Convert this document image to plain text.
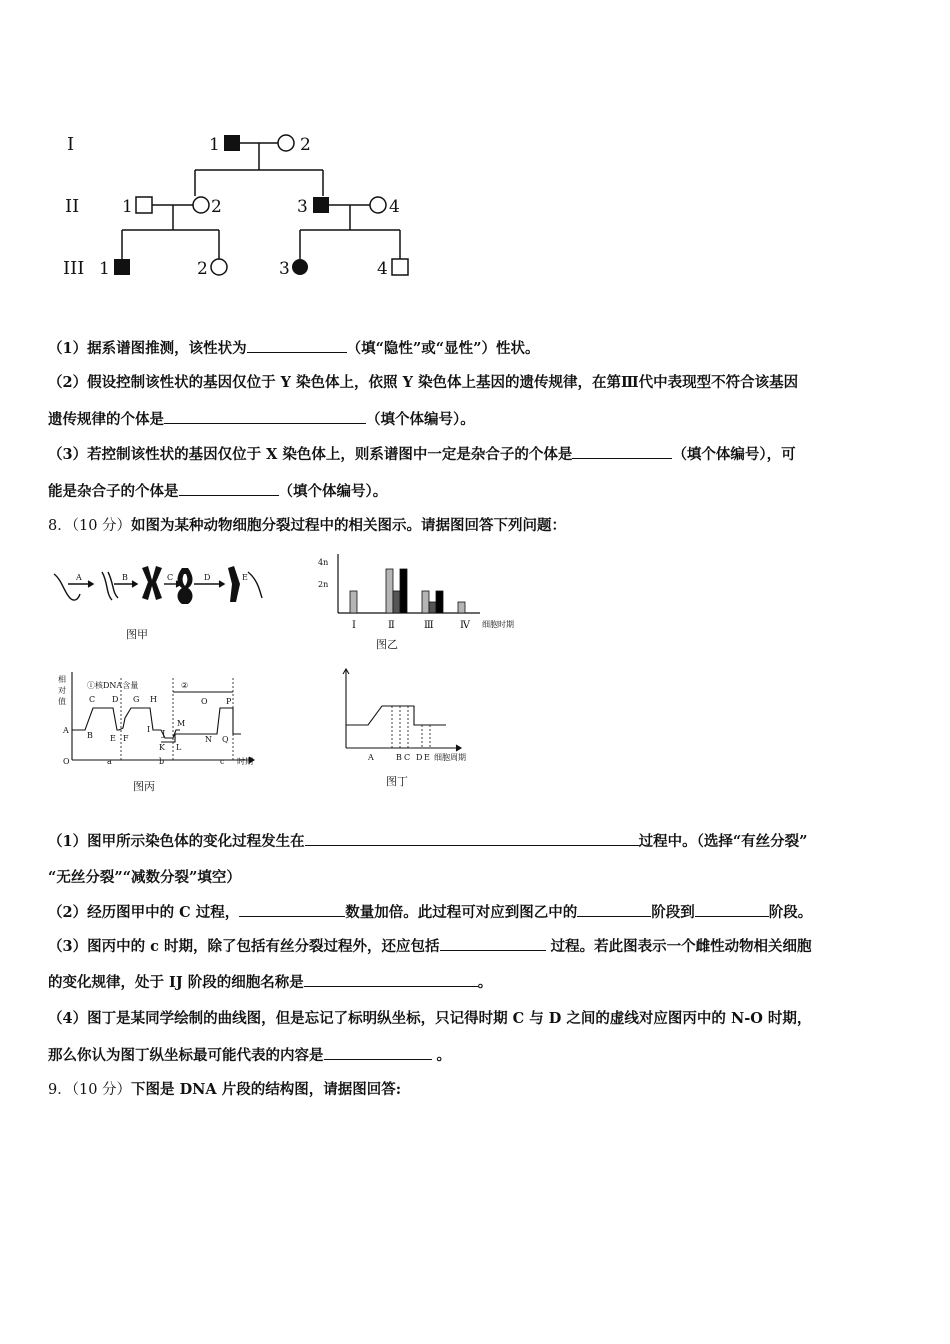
I
II
III
1	2
1	2	3	4
1	2	3	4
（1）据系谱图推测，该性状为	（填“隐性”或“显性”）性状。
（2）假设控制该性状的基因仅位于 Y 染色体上，依照 Y 染色体上基因的遗传规律，在第Ⅲ代中表现型不符合该基因
遗传规律的个体是	（填个体编号）。
（3）若控制该性状的基因仅位于 X 染色体上，则系谱图中一定是杂合子的个体是	（填个体编号），可
能是杂合子的个体是	（填个体编号）。
8．（10 分）如图为某种动物细胞分裂过程中的相关图示。请据图回答下列问题：
A	B	C	D	E
图甲
4n
2n
Ⅰ	Ⅱ	Ⅲ	Ⅳ 细胞时期
图乙
相
对
值
①核DNA含量	②
A
B
C D
E F
G H
I J
K L
M
N
O P
Q
O	a	b	c 时期
图丙
A	B C D E 细胞周期
图丁
（1）图甲所示染色体的变化过程发生在	过程中。（选择“有丝分裂”
“无丝分裂”“减数分裂”填空）
（2）经历图甲中的 C 过程，	数量加倍。此过程可对应到图乙中的	阶段到	阶段。
（3）图丙中的 c 时期，除了包括有丝分裂过程外，还应包括	过程。若此图表示一个雌性动物相关细胞
的变化规律，处于 IJ 阶段的细胞名称是	。
（4）图丁是某同学绘制的曲线图，但是忘记了标明纵坐标，只记得时期 C 与 D 之间的虚线对应图丙中的 N-O 时期，
那么你认为图丁纵坐标最可能代表的内容是	。
9．（10 分）下图是 DNA 片段的结构图，请据图回答:
